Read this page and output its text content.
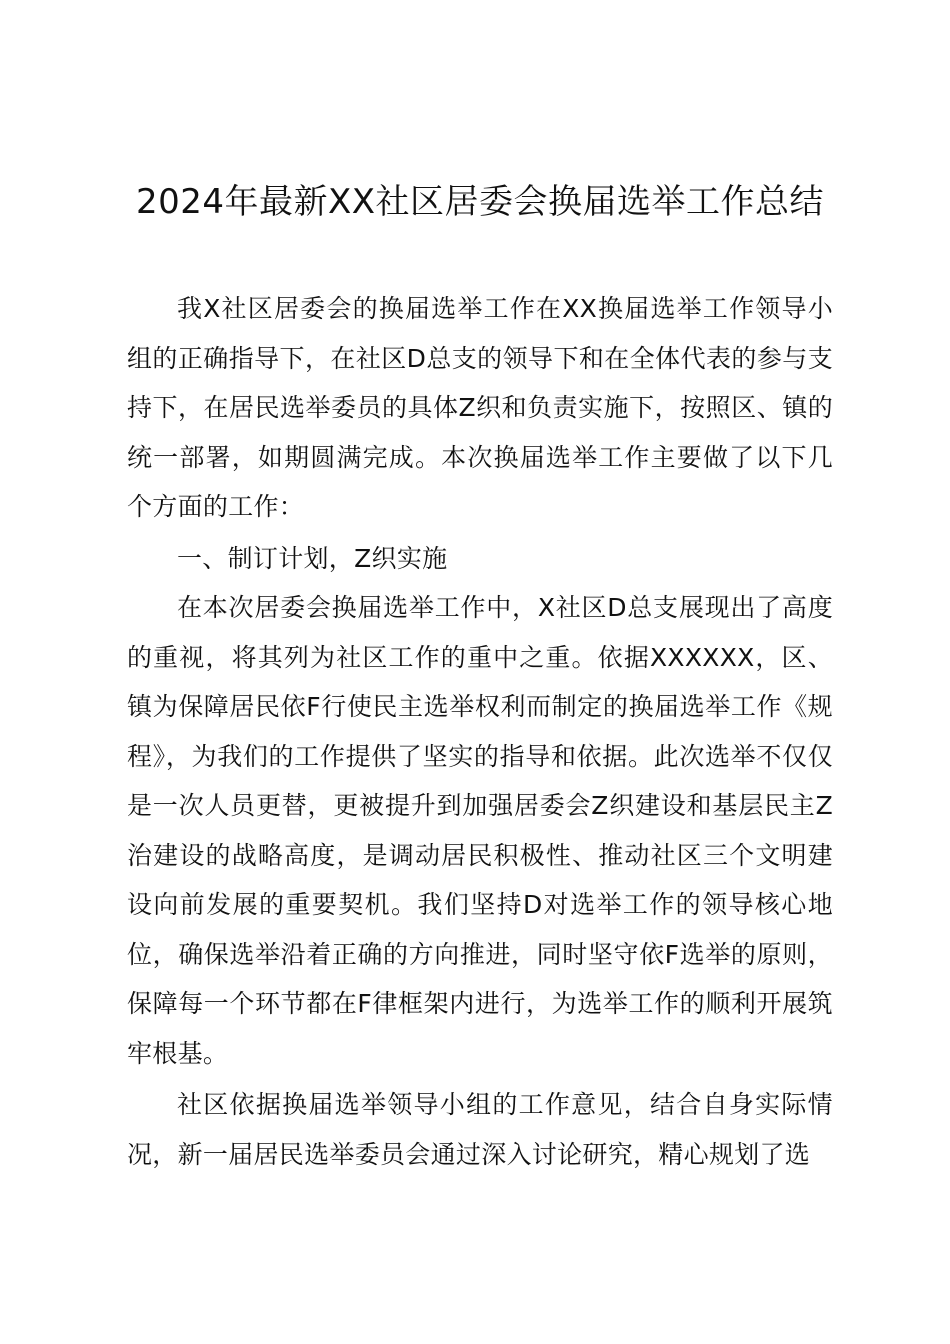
2024年最新XX社区居委会换届选举工作总结

我X社区居委会的换届选举工作在XX换届选举工作领导小组的正确指导下，在社区D总支的领导下和在全体代表的参与支持下，在居民选举委员的具体Z织和负责实施下，按照区、镇的统一部署，如期圆满完成。本次换届选举工作主要做了以下几个方面的工作：

一、制订计划，Z织实施

在本次居委会换届选举工作中，X社区D总支展现出了高度的重视，将其列为社区工作的重中之重。依据XXXXXX，区、镇为保障居民依F行使民主选举权利而制定的换届选举工作《规程》，为我们的工作提供了坚实的指导和依据。此次选举不仅仅是一次人员更替，更被提升到加强居委会Z织建设和基层民主Z治建设的战略高度，是调动居民积极性、推动社区三个文明建设向前发展的重要契机。我们坚持D对选举工作的领导核心地位，确保选举沿着正确的方向推进，同时坚守依F选举的原则，保障每一个环节都在F律框架内进行，为选举工作的顺利开展筑牢根基。

社区依据换届选举领导小组的工作意见，结合自身实际情况，新一届居民选举委员会通过深入讨论研究，精心规划了选
